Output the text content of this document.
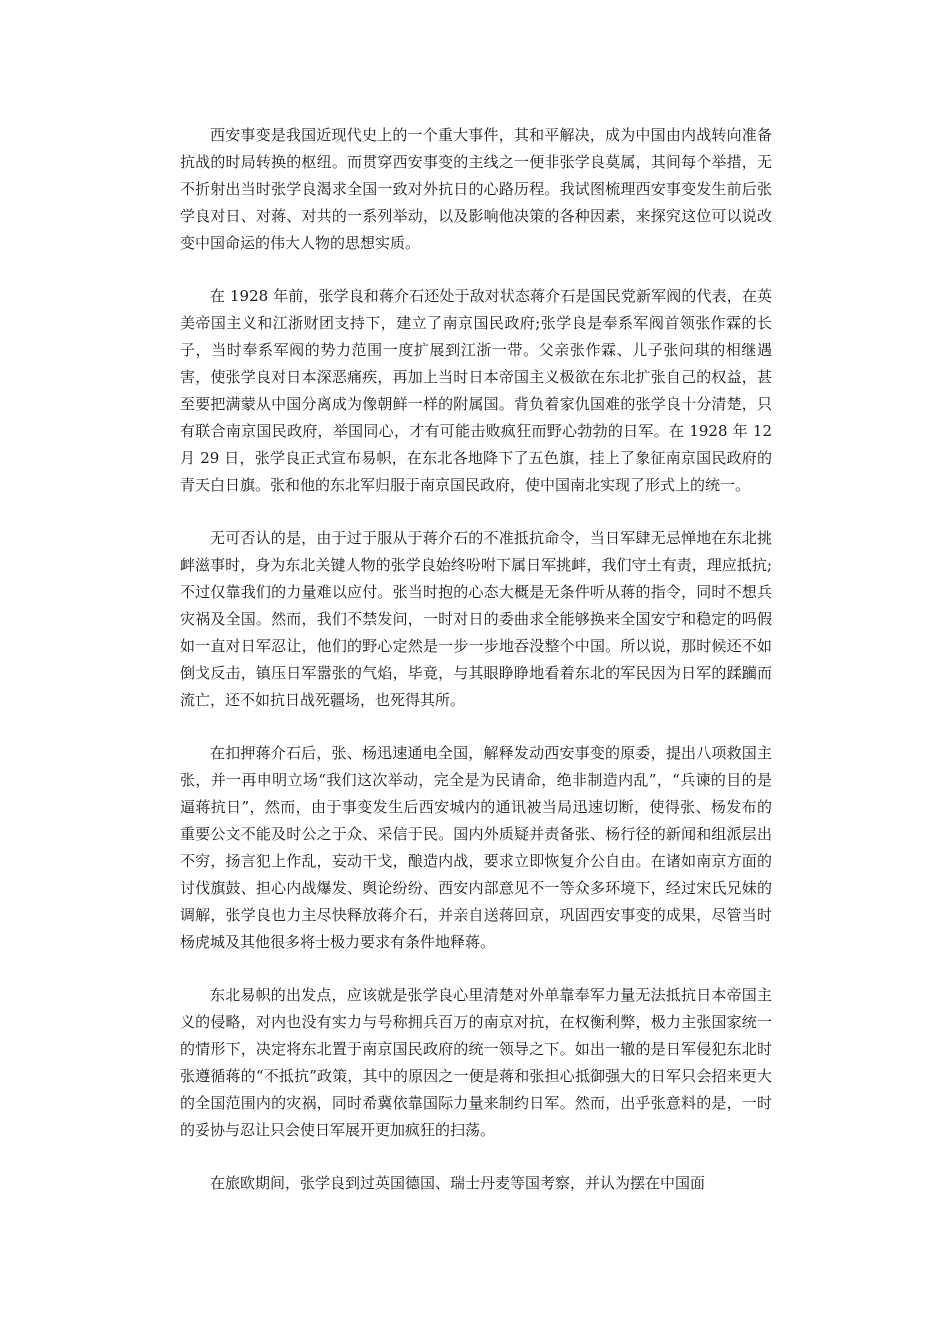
西安事变是我国近现代史上的一个重大事件，其和平解决，成为中国由内战转向准备抗战的时局转换的枢纽。而贯穿西安事变的主线之一便非张学良莫属，其间每个举措，无不折射出当时张学良渴求全国一致对外抗日的心路历程。我试图梳理西安事变发生前后张学良对日、对蒋、对共的一系列举动，以及影响他决策的各种因素，来探究这位可以说改变中国命运的伟大人物的思想实质。

在 1928 年前，张学良和蒋介石还处于敌对状态蒋介石是国民党新军阀的代表，在英美帝国主义和江浙财团支持下，建立了南京国民政府;张学良是奉系军阀首领张作霖的长子，当时奉系军阀的势力范围一度扩展到江浙一带。父亲张作霖、儿子张问琪的相继遇害，使张学良对日本深恶痛疾，再加上当时日本帝国主义极欲在东北扩张自己的权益，甚至要把满蒙从中国分离成为像朝鲜一样的附属国。背负着家仇国难的张学良十分清楚，只有联合南京国民政府，举国同心，才有可能击败疯狂而野心勃勃的日军。在 1928 年 12 月 29 日，张学良正式宣布易帜，在东北各地降下了五色旗，挂上了象征南京国民政府的青天白日旗。张和他的东北军归服于南京国民政府，使中国南北实现了形式上的统一。

无可否认的是，由于过于服从于蒋介石的不准抵抗命令，当日军肆无忌惮地在东北挑衅滋事时，身为东北关键人物的张学良始终吩咐下属日军挑衅，我们守土有责，理应抵抗;不过仅靠我们的力量难以应付。张当时抱的心态大概是无条件听从蒋的指令，同时不想兵灾祸及全国。然而，我们不禁发问，一时对日的委曲求全能够换来全国安宁和稳定的吗假如一直对日军忍让，他们的野心定然是一步一步地吞没整个中国。所以说，那时候还不如倒戈反击，镇压日军嚣张的气焰，毕竟，与其眼睁睁地看着东北的军民因为日军的蹂躏而流亡，还不如抗日战死疆场，也死得其所。

在扣押蒋介石后，张、杨迅速通电全国，解释发动西安事变的原委，提出八项救国主张，并一再申明立场“我们这次举动，完全是为民请命，绝非制造内乱”，“兵谏的目的是逼蒋抗日”，然而，由于事变发生后西安城内的通讯被当局迅速切断，使得张、杨发布的重要公文不能及时公之于众、采信于民。国内外质疑并责备张、杨行径的新闻和组派层出不穷，扬言犯上作乱，妄动干戈，酿造内战，要求立即恢复介公自由。在诸如南京方面的讨伐旗鼓、担心内战爆发、舆论纷纷、西安内部意见不一等众多环境下，经过宋氏兄妹的调解，张学良也力主尽快释放蒋介石，并亲自送蒋回京，巩固西安事变的成果，尽管当时杨虎城及其他很多将士极力要求有条件地释蒋。

东北易帜的出发点，应该就是张学良心里清楚对外单靠奉军力量无法抵抗日本帝国主义的侵略，对内也没有实力与号称拥兵百万的南京对抗，在权衡利弊，极力主张国家统一的情形下，决定将东北置于南京国民政府的统一领导之下。如出一辙的是日军侵犯东北时张遵循蒋的“不抵抗”政策，其中的原因之一便是蒋和张担心抵御强大的日军只会招来更大的全国范围内的灾祸，同时希冀依靠国际力量来制约日军。然而，出乎张意料的是，一时的妥协与忍让只会使日军展开更加疯狂的扫荡。

在旅欧期间，张学良到过英国德国、瑞士丹麦等国考察，并认为摆在中国面
